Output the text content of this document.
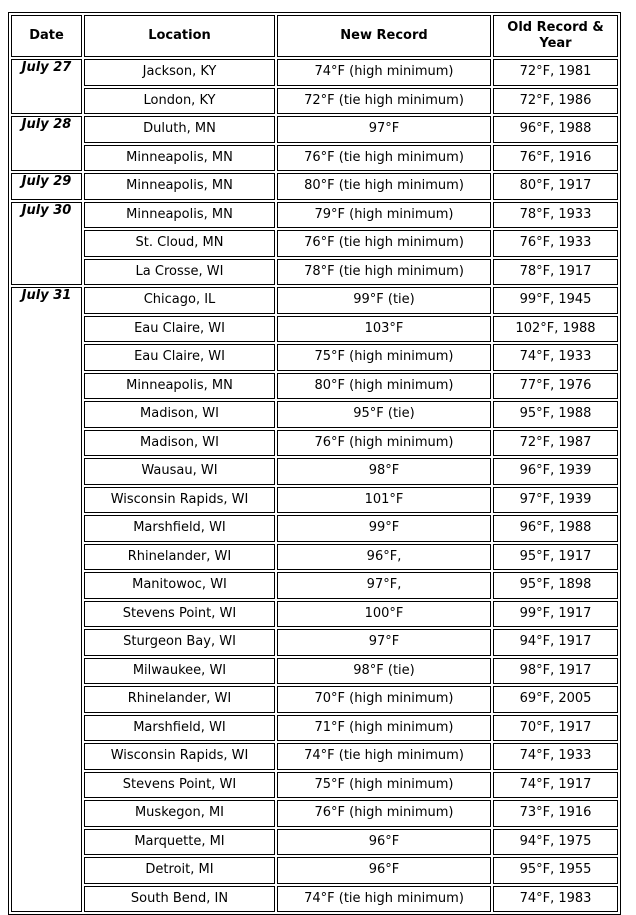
Date	Location	New Record	Old Record & Year
July 27	Jackson, KY	74°F (high minimum)	72°F, 1981
	London, KY	72°F (tie high minimum)	72°F, 1986
July 28	Duluth, MN	97°F	96°F, 1988
	Minneapolis, MN	76°F (tie high minimum)	76°F, 1916
July 29	Minneapolis, MN	80°F (tie high minimum)	80°F, 1917
July 30	Minneapolis, MN	79°F (high minimum)	78°F, 1933
	St. Cloud, MN	76°F (tie high minimum)	76°F, 1933
	La Crosse, WI	78°F (tie high minimum)	78°F, 1917
July 31	Chicago, IL	99°F (tie)	99°F, 1945
	Eau Claire, WI	103°F	102°F, 1988
	Eau Claire, WI	75°F (high minimum)	74°F, 1933
	Minneapolis, MN	80°F (high minimum)	77°F, 1976
	Madison, WI	95°F (tie)	95°F, 1988
	Madison, WI	76°F (high minimum)	72°F, 1987
	Wausau, WI	98°F	96°F, 1939
	Wisconsin Rapids, WI	101°F	97°F, 1939
	Marshfield, WI	99°F	96°F, 1988
	Rhinelander, WI	96°F,	95°F, 1917
	Manitowoc, WI	97°F,	95°F, 1898
	Stevens Point, WI	100°F	99°F, 1917
	Sturgeon Bay, WI	97°F	94°F, 1917
	Milwaukee, WI	98°F (tie)	98°F, 1917
	Rhinelander, WI	70°F (high minimum)	69°F, 2005
	Marshfield, WI	71°F (high minimum)	70°F, 1917
	Wisconsin Rapids, WI	74°F (tie high minimum)	74°F, 1933
	Stevens Point, WI	75°F (high minimum)	74°F, 1917
	Muskegon, MI	76°F (high minimum)	73°F, 1916
	Marquette, MI	96°F	94°F, 1975
	Detroit, MI	96°F	95°F, 1955
	South Bend, IN	74°F (tie high minimum)	74°F, 1983
